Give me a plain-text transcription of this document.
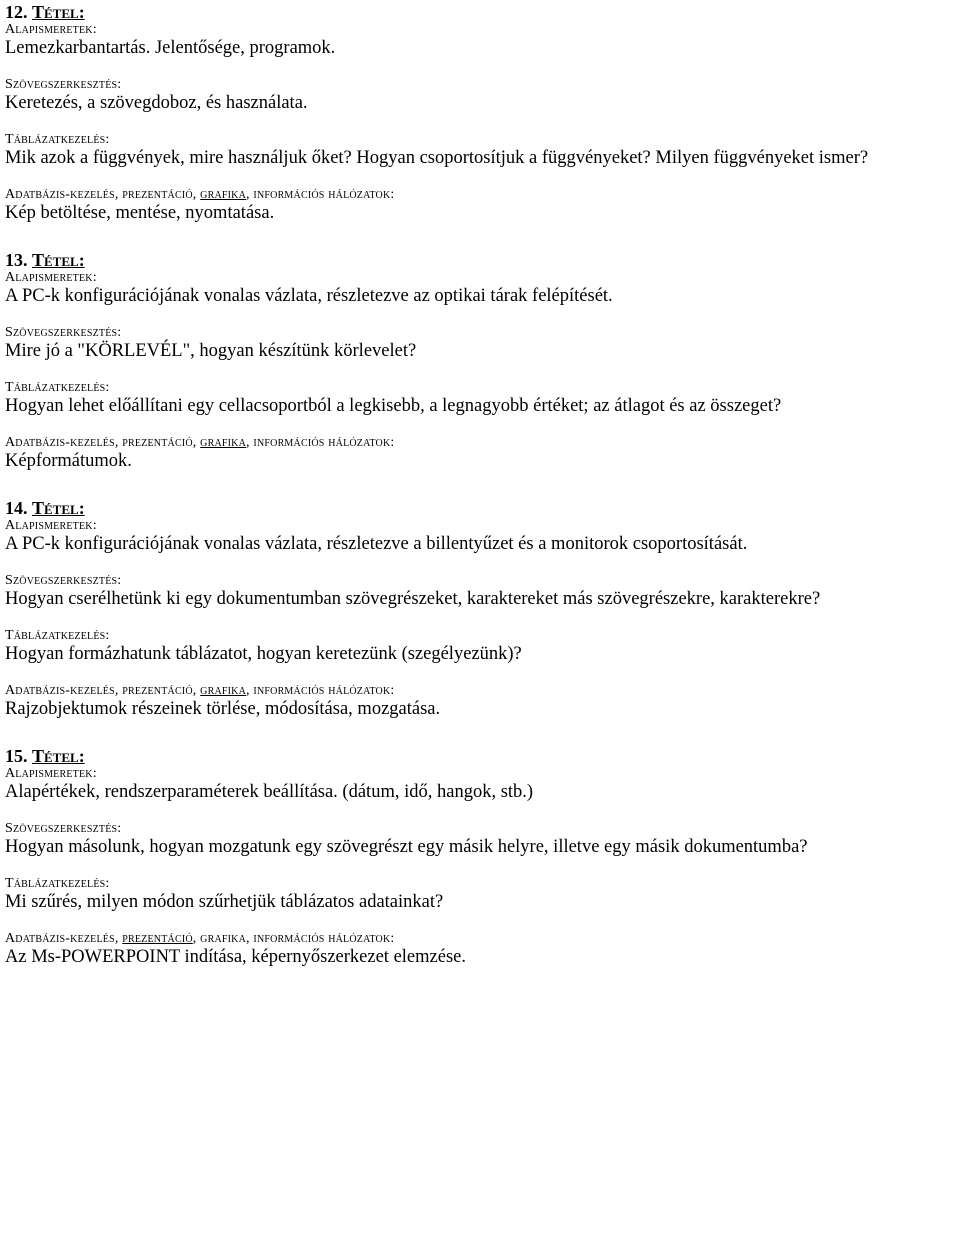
12. Tétel:
Alapismeretek:
Lemezkarbantartás. Jelentősége, programok.
Szövegszerkesztés:
Keretezés, a szövegdoboz, és használata.
Táblázatkezelés:
Mik azok a függvények, mire használjuk őket? Hogyan csoportosítjuk a függvényeket? Milyen függvényeket ismer?
Adatbázis-kezelés, prezentáció, grafika, információs hálózatok:
Kép betöltése, mentése, nyomtatása.
13. Tétel:
Alapismeretek:
A PC-k konfigurációjának vonalas vázlata, részletezve az optikai tárak felépítését.
Szövegszerkesztés:
Mire jó a "KÖRLEVÉL", hogyan készítünk körlevelet?
Táblázatkezelés:
Hogyan lehet előállítani egy cellacsoportból a legkisebb, a legnagyobb értéket; az átlagot és az összeget?
Adatbázis-kezelés, prezentáció, grafika, információs hálózatok:
Képformátumok.
14. Tétel:
Alapismeretek:
A PC-k konfigurációjának vonalas vázlata, részletezve a billentyűzet és a monitorok csoportosítását.
Szövegszerkesztés:
Hogyan cserélhetünk ki egy dokumentumban szövegrészeket, karaktereket más szövegrészekre, karakterekre?
Táblázatkezelés:
Hogyan formázhatunk táblázatot, hogyan keretezünk (szegélyezünk)?
Adatbázis-kezelés, prezentáció, grafika, információs hálózatok:
Rajzobjektumok részeinek törlése, módosítása, mozgatása.
15. Tétel:
Alapismeretek:
Alapértékek, rendszerparaméterek beállítása. (dátum, idő, hangok, stb.)
Szövegszerkesztés:
Hogyan másolunk, hogyan mozgatunk egy szövegrészt egy másik helyre, illetve egy másik dokumentumba?
Táblázatkezelés:
Mi szűrés, milyen módon szűrhetjük táblázatos adatainkat?
Adatbázis-kezelés, prezentáció, grafika, információs hálózatok:
Az Ms-POWERPOINT indítása, képernyőszerkezet elemzése.
